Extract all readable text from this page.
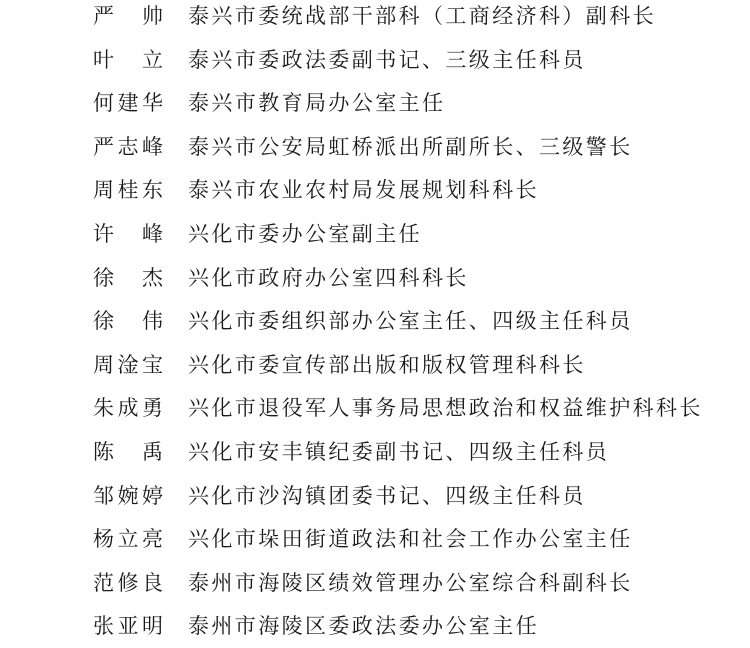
严 帅 泰兴市委统战部干部科（工商经济科）副科长
叶 立 泰兴市委政法委副书记、三级主任科员
何 建 华 泰兴市教育局办公室主任
严 志 峰 泰兴市公安局虹桥派出所副所长、三级警长
周 桂 东 泰兴市农业农村局发展规划科科长
许 峰 兴化市委办公室副主任
徐 杰 兴化市政府办公室四科科长
徐 伟 兴化市委组织部办公室主任、四级主任科员
周 淦 宝 兴化市委宣传部出版和版权管理科科长
朱 成 勇 兴化市退役军人事务局思想政治和权益维护科科长
陈 禹 兴化市安丰镇纪委副书记、四级主任科员
邹 婉 婷 兴化市沙沟镇团委书记、四级主任科员
杨 立 亮 兴化市垛田街道政法和社会工作办公室主任
范 修 良 泰州市海陵区绩效管理办公室综合科副科长
张 亚 明 泰州市海陵区委政法委办公室主任
